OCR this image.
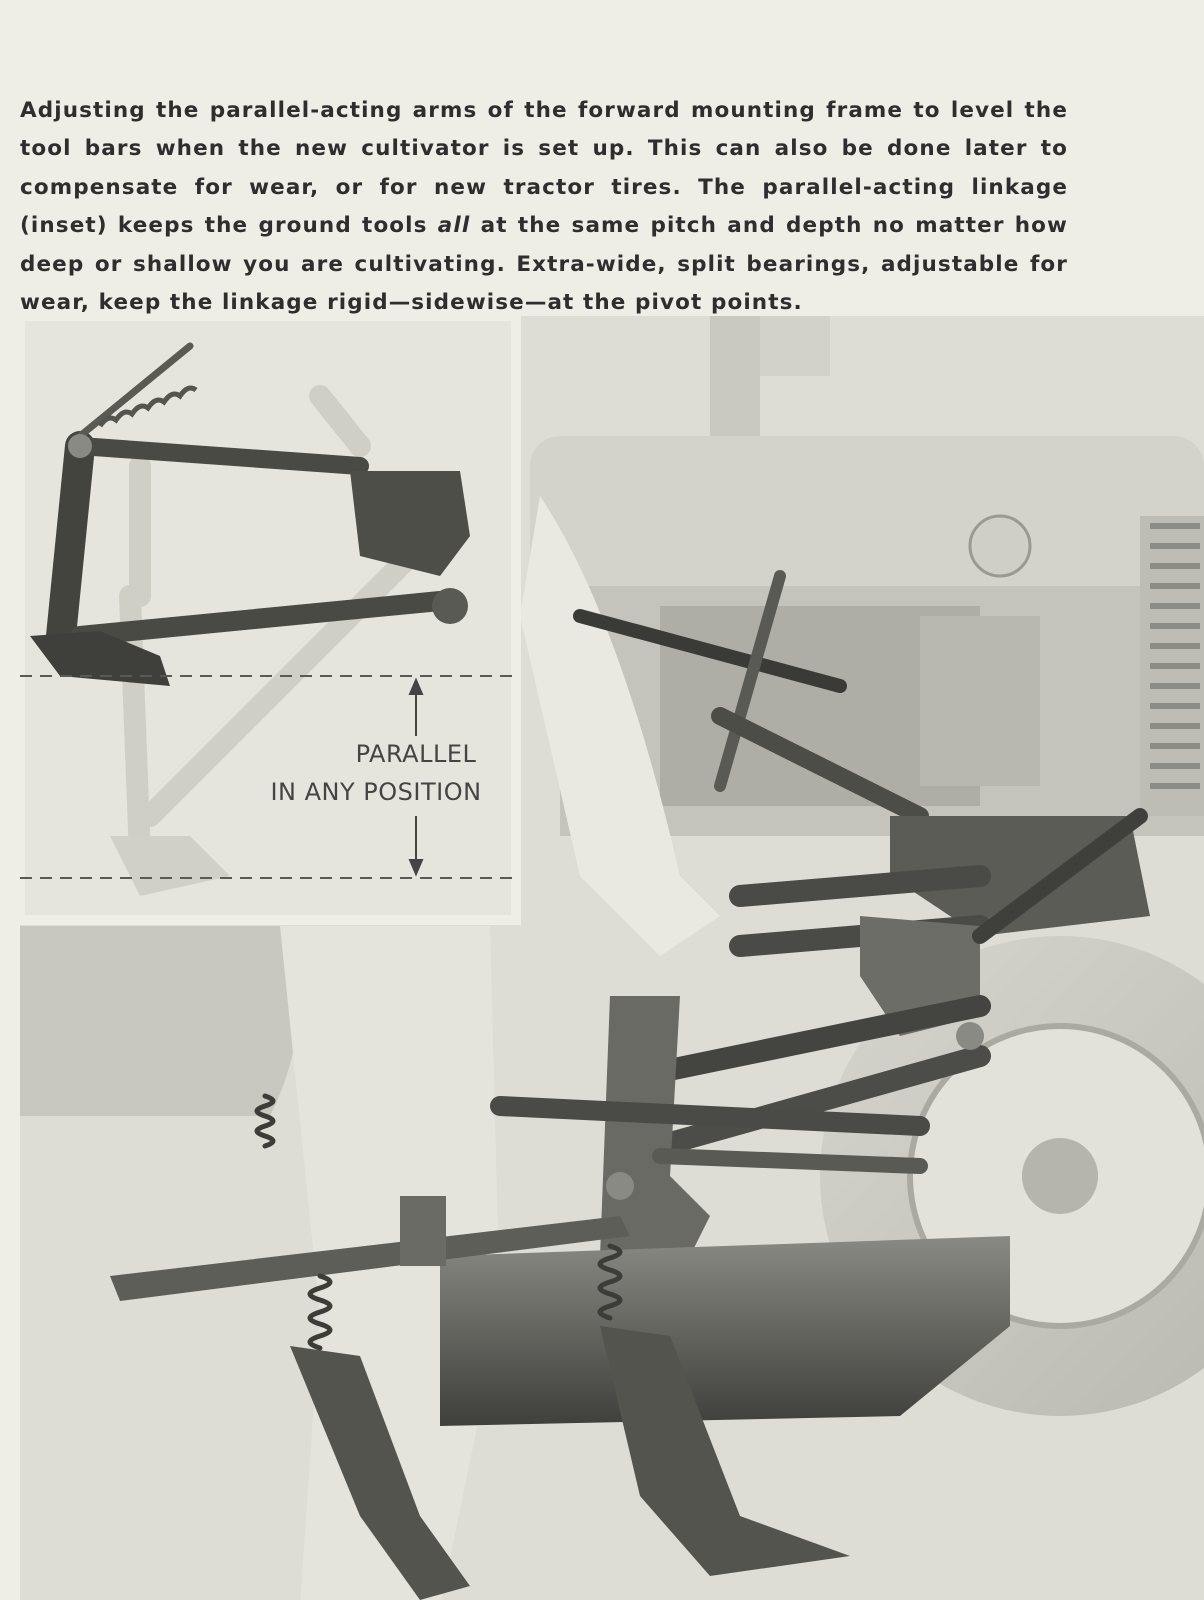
Adjusting the parallel-acting arms of the forward mounting frame to level the tool bars when the new cultivator is set up. This can also be done later to compensate for wear, or for new tractor tires. The parallel-acting linkage (inset) keeps the ground tools all at the same pitch and depth no matter how deep or shallow you are cultivating. Extra-wide, split bearings, adjustable for wear, keep the linkage rigid—sidewise—at the pivot points.

PARALLEL
IN ANY POSITION
